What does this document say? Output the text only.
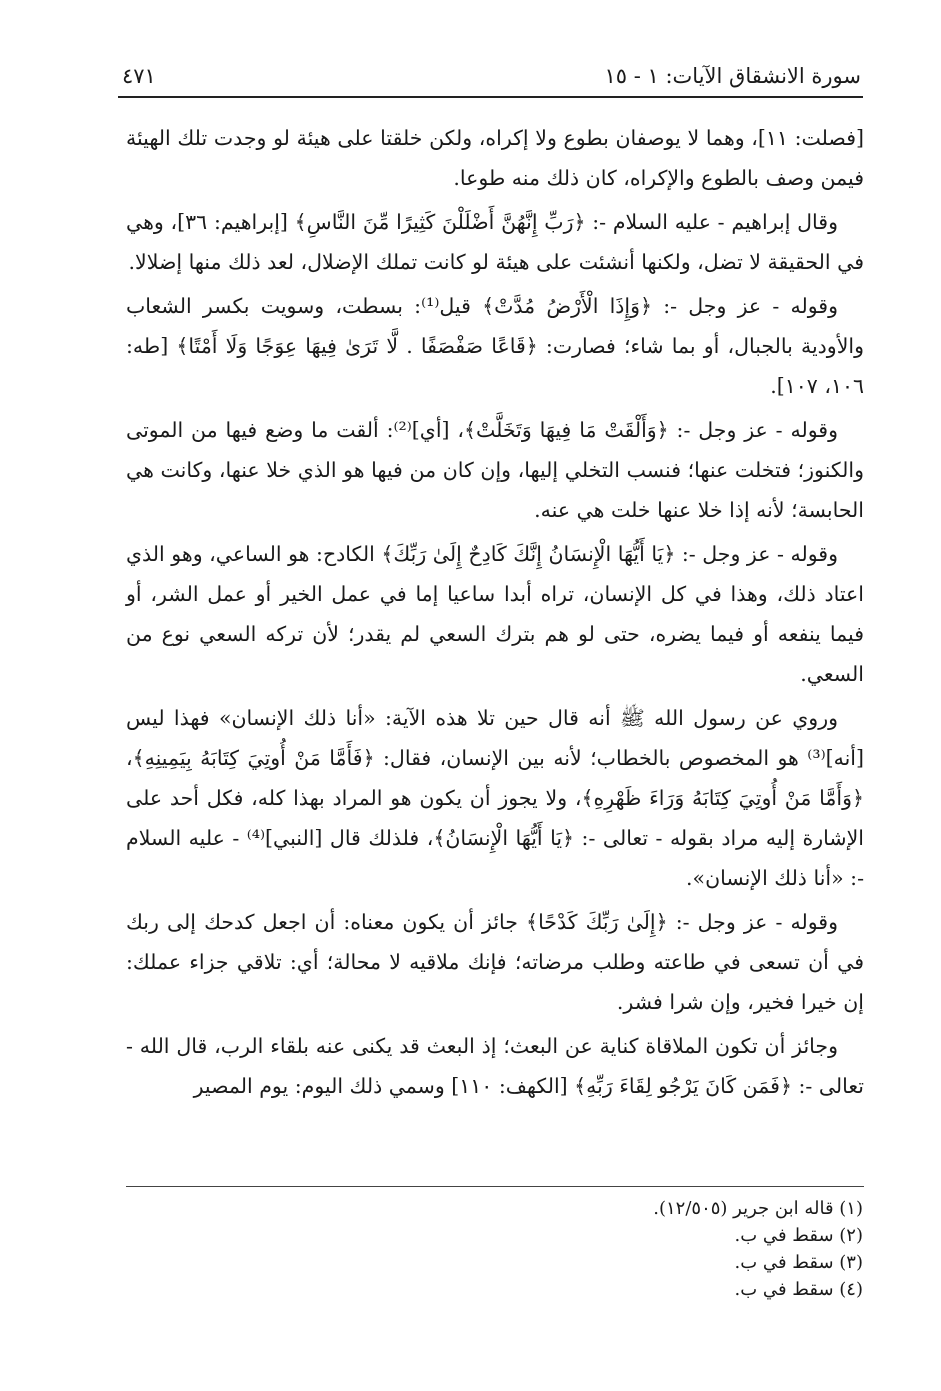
سورة الانشقاق الآيات: ١ - ١٥
٤٧١

[فصلت: ١١]، وهما لا يوصفان بطوع ولا إكراه، ولكن خلقتا على هيئة لو وجدت تلك الهيئة فيمن وصف بالطوع والإكراه، كان ذلك منه طوعا.

وقال إبراهيم - عليه السلام -: ﴿رَبِّ إِنَّهُنَّ أَضْلَلْنَ كَثِيرًا مِّنَ النَّاسِ﴾ [إبراهيم: ٣٦]، وهي في الحقيقة لا تضل، ولكنها أنشئت على هيئة لو كانت تملك الإضلال، لعد ذلك منها إضلالا.

وقوله - عز وجل -: ﴿وَإِذَا الْأَرْضُ مُدَّتْ﴾ قيل⁽¹⁾: بسطت، وسويت بكسر الشعاب والأودية بالجبال، أو بما شاء؛ فصارت: ﴿قَاعًا صَفْصَفًا . لَّا تَرَىٰ فِيهَا عِوَجًا وَلَا أَمْتًا﴾ [طه: ١٠٦، ١٠٧].

وقوله - عز وجل -: ﴿وَأَلْقَتْ مَا فِيهَا وَتَخَلَّتْ﴾، [أي]⁽²⁾: ألقت ما وضع فيها من الموتى والكنوز؛ فتخلت عنها؛ فنسب التخلي إليها، وإن كان من فيها هو الذي خلا عنها، وكانت هي الحابسة؛ لأنه إذا خلا عنها خلت هي عنه.

وقوله - عز وجل -: ﴿يَا أَيُّهَا الْإِنسَانُ إِنَّكَ كَادِحٌ إِلَىٰ رَبِّكَ﴾ الكادح: هو الساعي، وهو الذي اعتاد ذلك، وهذا في كل الإنسان، تراه أبدا ساعيا إما في عمل الخير أو عمل الشر، أو فيما ينفعه أو فيما يضره، حتى لو هم بترك السعي لم يقدر؛ لأن تركه السعي نوع من السعي.

وروي عن رسول الله ﷺ أنه قال حين تلا هذه الآية: «أنا ذلك الإنسان» فهذا ليس [أنه]⁽³⁾ هو المخصوص بالخطاب؛ لأنه بين الإنسان، فقال: ﴿فَأَمَّا مَنْ أُوتِيَ كِتَابَهُ بِيَمِينِهِ﴾، ﴿وَأَمَّا مَنْ أُوتِيَ كِتَابَهُ وَرَاءَ ظَهْرِهِ﴾، ولا يجوز أن يكون هو المراد بهذا كله، فكل أحد على الإشارة إليه مراد بقوله - تعالى -: ﴿يَا أَيُّهَا الْإِنسَانُ﴾، فلذلك قال [النبي]⁽⁴⁾ - عليه السلام -: «أنا ذلك الإنسان».

وقوله - عز وجل -: ﴿إِلَىٰ رَبِّكَ كَدْحًا﴾ جائز أن يكون معناه: أن اجعل كدحك إلى ربك في أن تسعى في طاعته وطلب مرضاته؛ فإنك ملاقيه لا محالة؛ أي: تلاقي جزاء عملك: إن خيرا فخير، وإن شرا فشر.

وجائز أن تكون الملاقاة كناية عن البعث؛ إذ البعث قد يكنى عنه بلقاء الرب، قال الله - تعالى -: ﴿فَمَن كَانَ يَرْجُو لِقَاءَ رَبِّهِ﴾ [الكهف: ١١٠] وسمي ذلك اليوم: يوم المصير

(١) قاله ابن جرير (١٢/٥٠٥).
(٢) سقط في ب.
(٣) سقط في ب.
(٤) سقط في ب.
